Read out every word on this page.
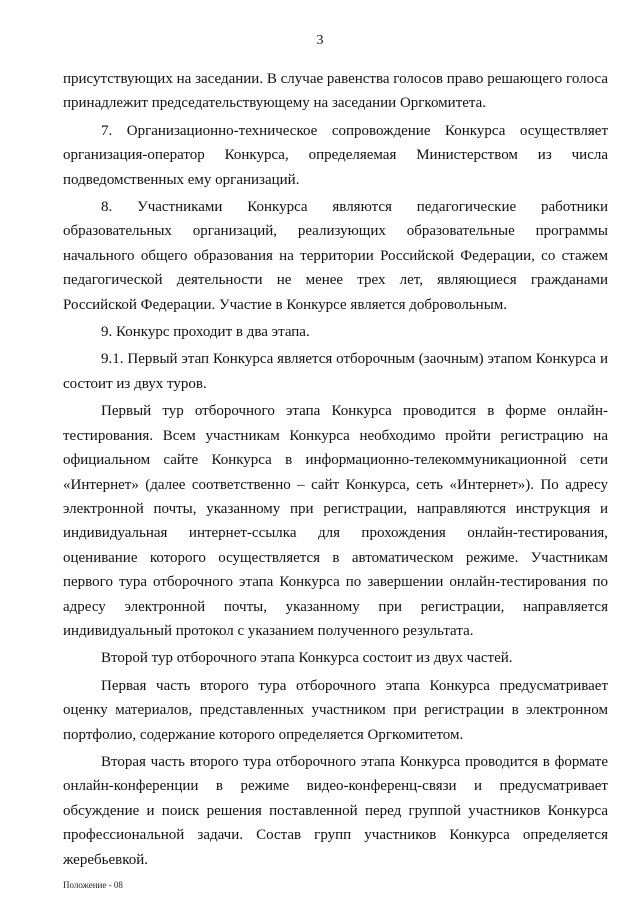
3

присутствующих на заседании. В случае равенства голосов право решающего голоса принадлежит председательствующему на заседании Оргкомитета.

7. Организационно-техническое сопровождение Конкурса осуществляет организация-оператор Конкурса, определяемая Министерством из числа подведомственных ему организаций.

8. Участниками Конкурса являются педагогические работники образовательных организаций, реализующих образовательные программы начального общего образования на территории Российской Федерации, со стажем педагогической деятельности не менее трех лет, являющиеся гражданами Российской Федерации. Участие в Конкурсе является добровольным.

9. Конкурс проходит в два этапа.

9.1. Первый этап Конкурса является отборочным (заочным) этапом Конкурса и состоит из двух туров.

Первый тур отборочного этапа Конкурса проводится в форме онлайн-тестирования. Всем участникам Конкурса необходимо пройти регистрацию на официальном сайте Конкурса в информационно-телекоммуникационной сети «Интернет» (далее соответственно – сайт Конкурса, сеть «Интернет»). По адресу электронной почты, указанному при регистрации, направляются инструкция и индивидуальная интернет-ссылка для прохождения онлайн-тестирования, оценивание которого осуществляется в автоматическом режиме. Участникам первого тура отборочного этапа Конкурса по завершении онлайн-тестирования по адресу электронной почты, указанному при регистрации, направляется индивидуальный протокол с указанием полученного результата.

Второй тур отборочного этапа Конкурса состоит из двух частей.

Первая часть второго тура отборочного этапа Конкурса предусматривает оценку материалов, представленных участником при регистрации в электронном портфолио, содержание которого определяется Оргкомитетом.

Вторая часть второго тура отборочного этапа Конкурса проводится в формате онлайн-конференции в режиме видео-конференц-связи и предусматривает обсуждение и поиск решения поставленной перед группой участников Конкурса профессиональной задачи. Состав групп участников Конкурса определяется жеребьевкой.

Положение - 08
